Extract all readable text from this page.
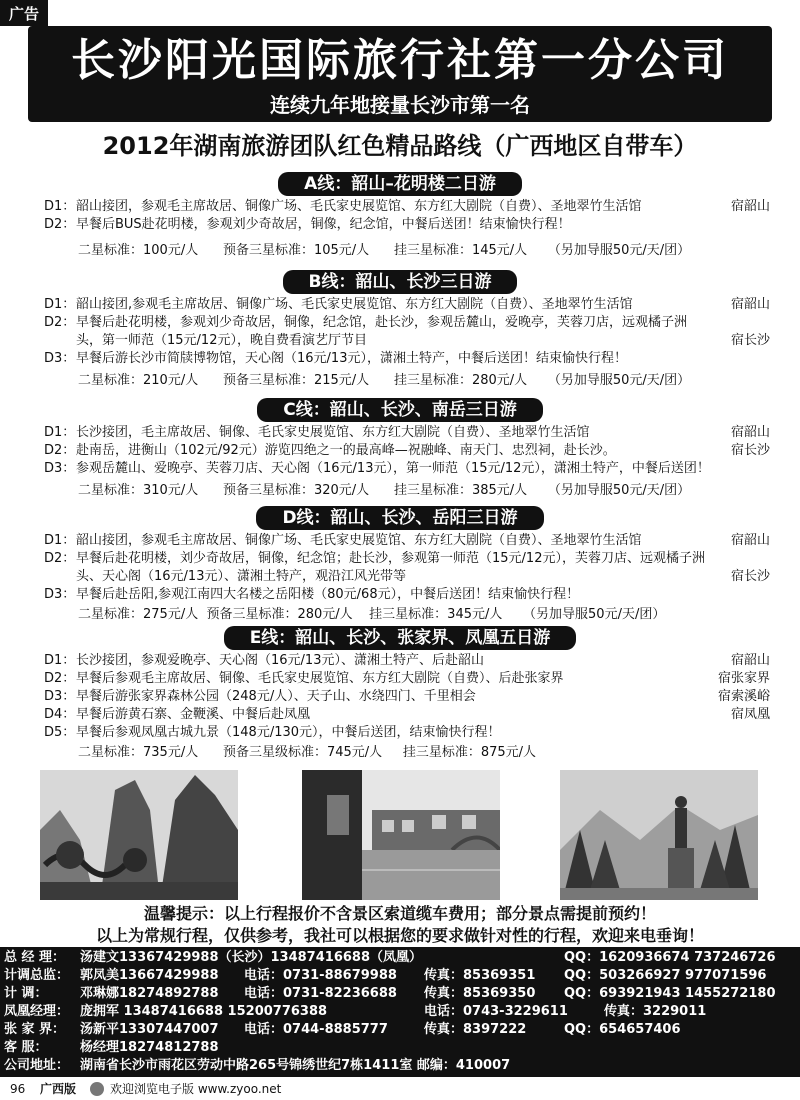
广告
长沙阳光国际旅行社第一分公司
连续九年地接量长沙市第一名
2012年湖南旅游团队红色精品路线（广西地区自带车）
A线：韶山–花明楼二日游
D1： 韶山接团，参观毛主席故居、铜像广场、毛氏家史展览馆、东方红大剧院（自费）、圣地翠竹生活馆	宿韶山
D2： 早餐后BUS赴花明楼，参观刘少奇故居，铜像，纪念馆，中餐后送团！结束愉快行程！
二星标准：100元/人      预备三星标准：105元/人      挂三星标准：145元/人     （另加导服50元/天/团）
B线：韶山、长沙三日游
D1： 韶山接团,参观毛主席故居、铜像广场、毛氏家史展览馆、东方红大剧院（自费）、圣地翠竹生活馆	宿韶山
D2： 早餐后赴花明楼，参观刘少奇故居，铜像，纪念馆，赴长沙，参观岳麓山，爱晚亭，芙蓉刀店，远观橘子洲头，第一师范（15元/12元），晚自费看演艺厅节目	宿长沙
D3： 早餐后游长沙市简牍博物馆，天心阁（16元/13元），潇湘土特产，中餐后送团！结束愉快行程！
二星标准：210元/人      预备三星标准：215元/人      挂三星标准：280元/人     （另加导服50元/天/团）
C线：韶山、长沙、南岳三日游
D1： 长沙接团，毛主席故居、铜像、毛氏家史展览馆、东方红大剧院（自费）、圣地翠竹生活馆	宿韶山
D2： 赴南岳，进衡山（102元/92元）游览四绝之一的最高峰—祝融峰、南天门、忠烈祠，赴长沙。	宿长沙
D3： 参观岳麓山、爱晚亭、芙蓉刀店、天心阁（16元/13元），第一师范（15元/12元），潇湘土特产，中餐后送团！
二星标准：310元/人      预备三星标准：320元/人      挂三星标准：385元/人     （另加导服50元/天/团）
D线：韶山、长沙、岳阳三日游
D1： 韶山接团，参观毛主席故居、铜像广场、毛氏家史展览馆、东方红大剧院（自费）、圣地翠竹生活馆	宿韶山
D2： 早餐后赴花明楼，刘少奇故居，铜像，纪念馆；赴长沙，参观第一师范（15元/12元），芙蓉刀店、远观橘子洲头、天心阁（16元/13元）、潇湘土特产，观沿江风光带等	宿长沙
D3： 早餐后赴岳阳,参观江南四大名楼之岳阳楼（80元/68元），中餐后送团！结束愉快行程！
二星标准：275元/人  预备三星标准：280元/人    挂三星标准：345元/人     （另加导服50元/天/团）
E线：韶山、长沙、张家界、凤凰五日游
D1： 长沙接团，参观爱晚亭、天心阁（16元/13元）、潇湘土特产、后赴韶山	宿韶山
D2： 早餐后参观毛主席故居、铜像、毛氏家史展览馆、东方红大剧院（自费）、后赴张家界	宿张家界
D3： 早餐后游张家界森林公园（248元/人）、天子山、水绕四门、千里相会	宿索溪峪
D4： 早餐后游黄石寨、金鞭溪、中餐后赴凤凰	宿凤凰
D5： 早餐后参观凤凰古城九景（148元/130元），中餐后送团，结束愉快行程！
二星标准：735元/人      预备三星级标准：745元/人     挂三星标准：875元/人
温馨提示：以上行程报价不含景区索道缆车费用；部分景点需提前预约！
以上为常规行程，仅供参考，我社可以根据您的要求做针对性的行程，欢迎来电垂询！
总 经 理： 汤建文13367429988（长沙）13487416688（凤凰）	QQ：1620936674 737246726
计调总监： 郭凤美13667429988 电话：0731-88679988 传真：85369351 QQ：503266927 977071596
计 调： 邓琳娜18274892788 电话：0731-82236688 传真：85369350 QQ：693921943 1455272180
凤凰经理： 庞拥军 13487416688 15200776388	电话：0743-3229611	传真：3229011
张 家 界： 汤新平13307447007 电话：0744-8885777	传真：8397222	QQ：654657406
客 服： 杨经理18274812788
公司地址： 湖南省长沙市雨花区劳动中路265号锦绣世纪7栋1411室 邮编：410007
96 广西版	欢迎浏览电子版 www.zyoo.net
